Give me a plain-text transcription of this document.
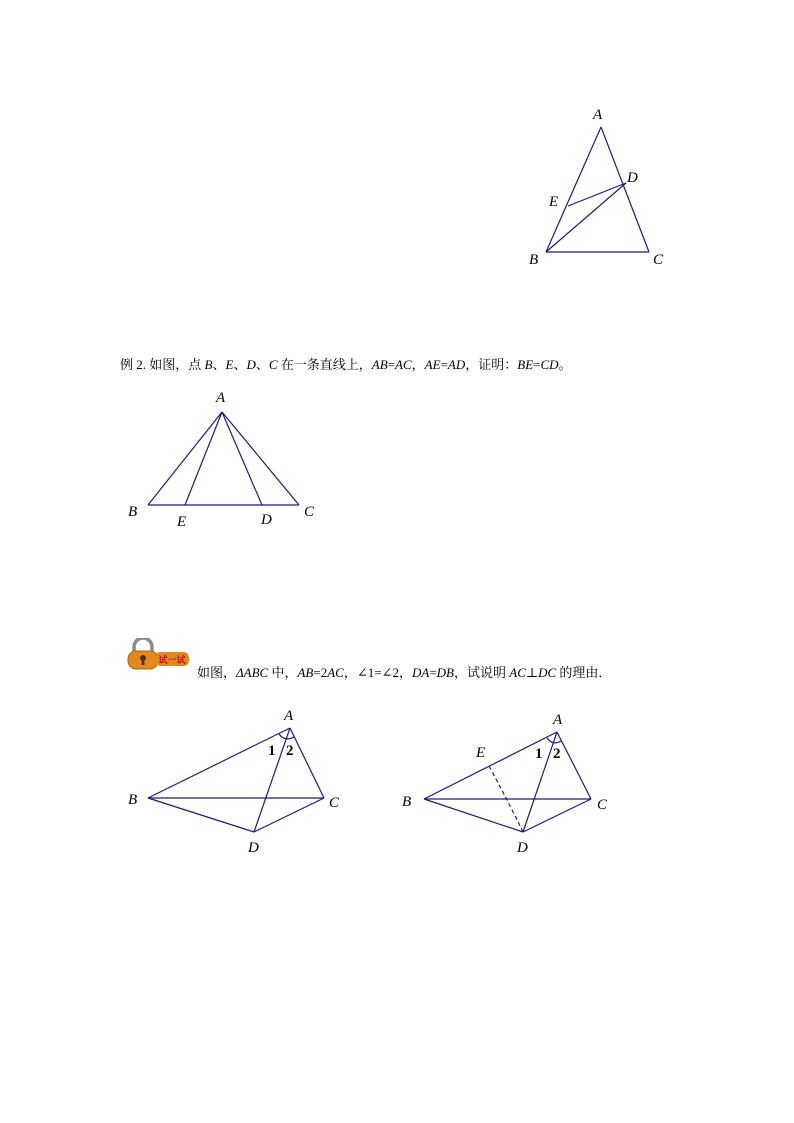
A
B	C
D
E
例 2. 如图，点 B、E、D、C 在一条直线上，AB=AC，AE=AD，证明：BE=CD。
A
B	C
E	D
试一试
如图，ΔABC 中，AB=2AC，∠1=∠2，DA=DB，试说明 AC⊥DC 的理由．
A
B	C
D
1 2
A
B	C
D
E	1 2
